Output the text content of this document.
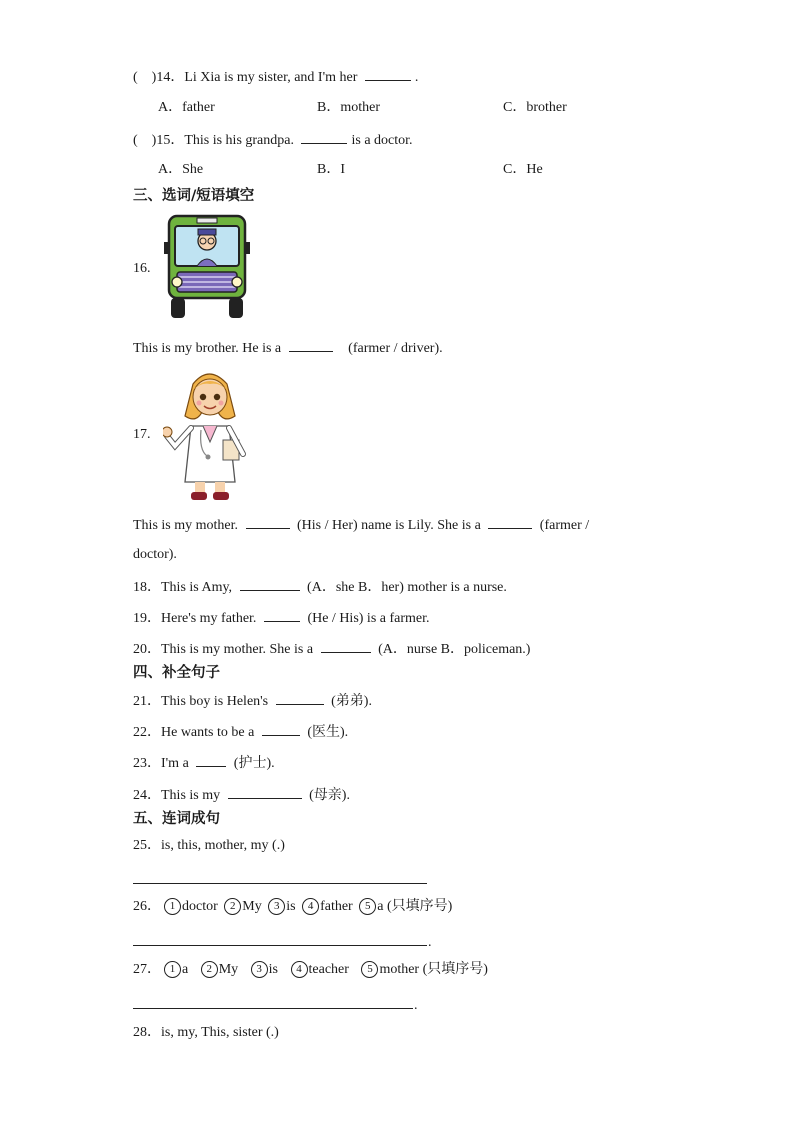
(　)14．Li Xia is my sister, and I'm her	.
A．father	B．mother	C．brother
(　)15．This is his grandpa.	is a doctor.
A．She	B．I	C．He
三、选词/短语填空
16.
This is my brother. He is a	(farmer / driver).
17.
This is my mother.	(His / Her) name is Lily. She is a	(farmer /
doctor).
18．This is Amy,	(A．she B．her) mother is a nurse.
19．Here's my father.	(He / His) is a farmer.
20．This is my mother. She is a	(A．nurse B．policeman.)
四、补全句子
21．This boy is Helen's	(弟弟).
22．He wants to be a	(医生).
23．I'm a	(护士).
24．This is my	(母亲).
五、连词成句
25．is, this, mother, my (.)
26． 1 doctor 2 My 3 is 4 father 5 a (只填序号)
.
27． 1 a 2 My 3 is 4 teacher 5 mother (只填序号)
.
28．is, my, This, sister (.)
